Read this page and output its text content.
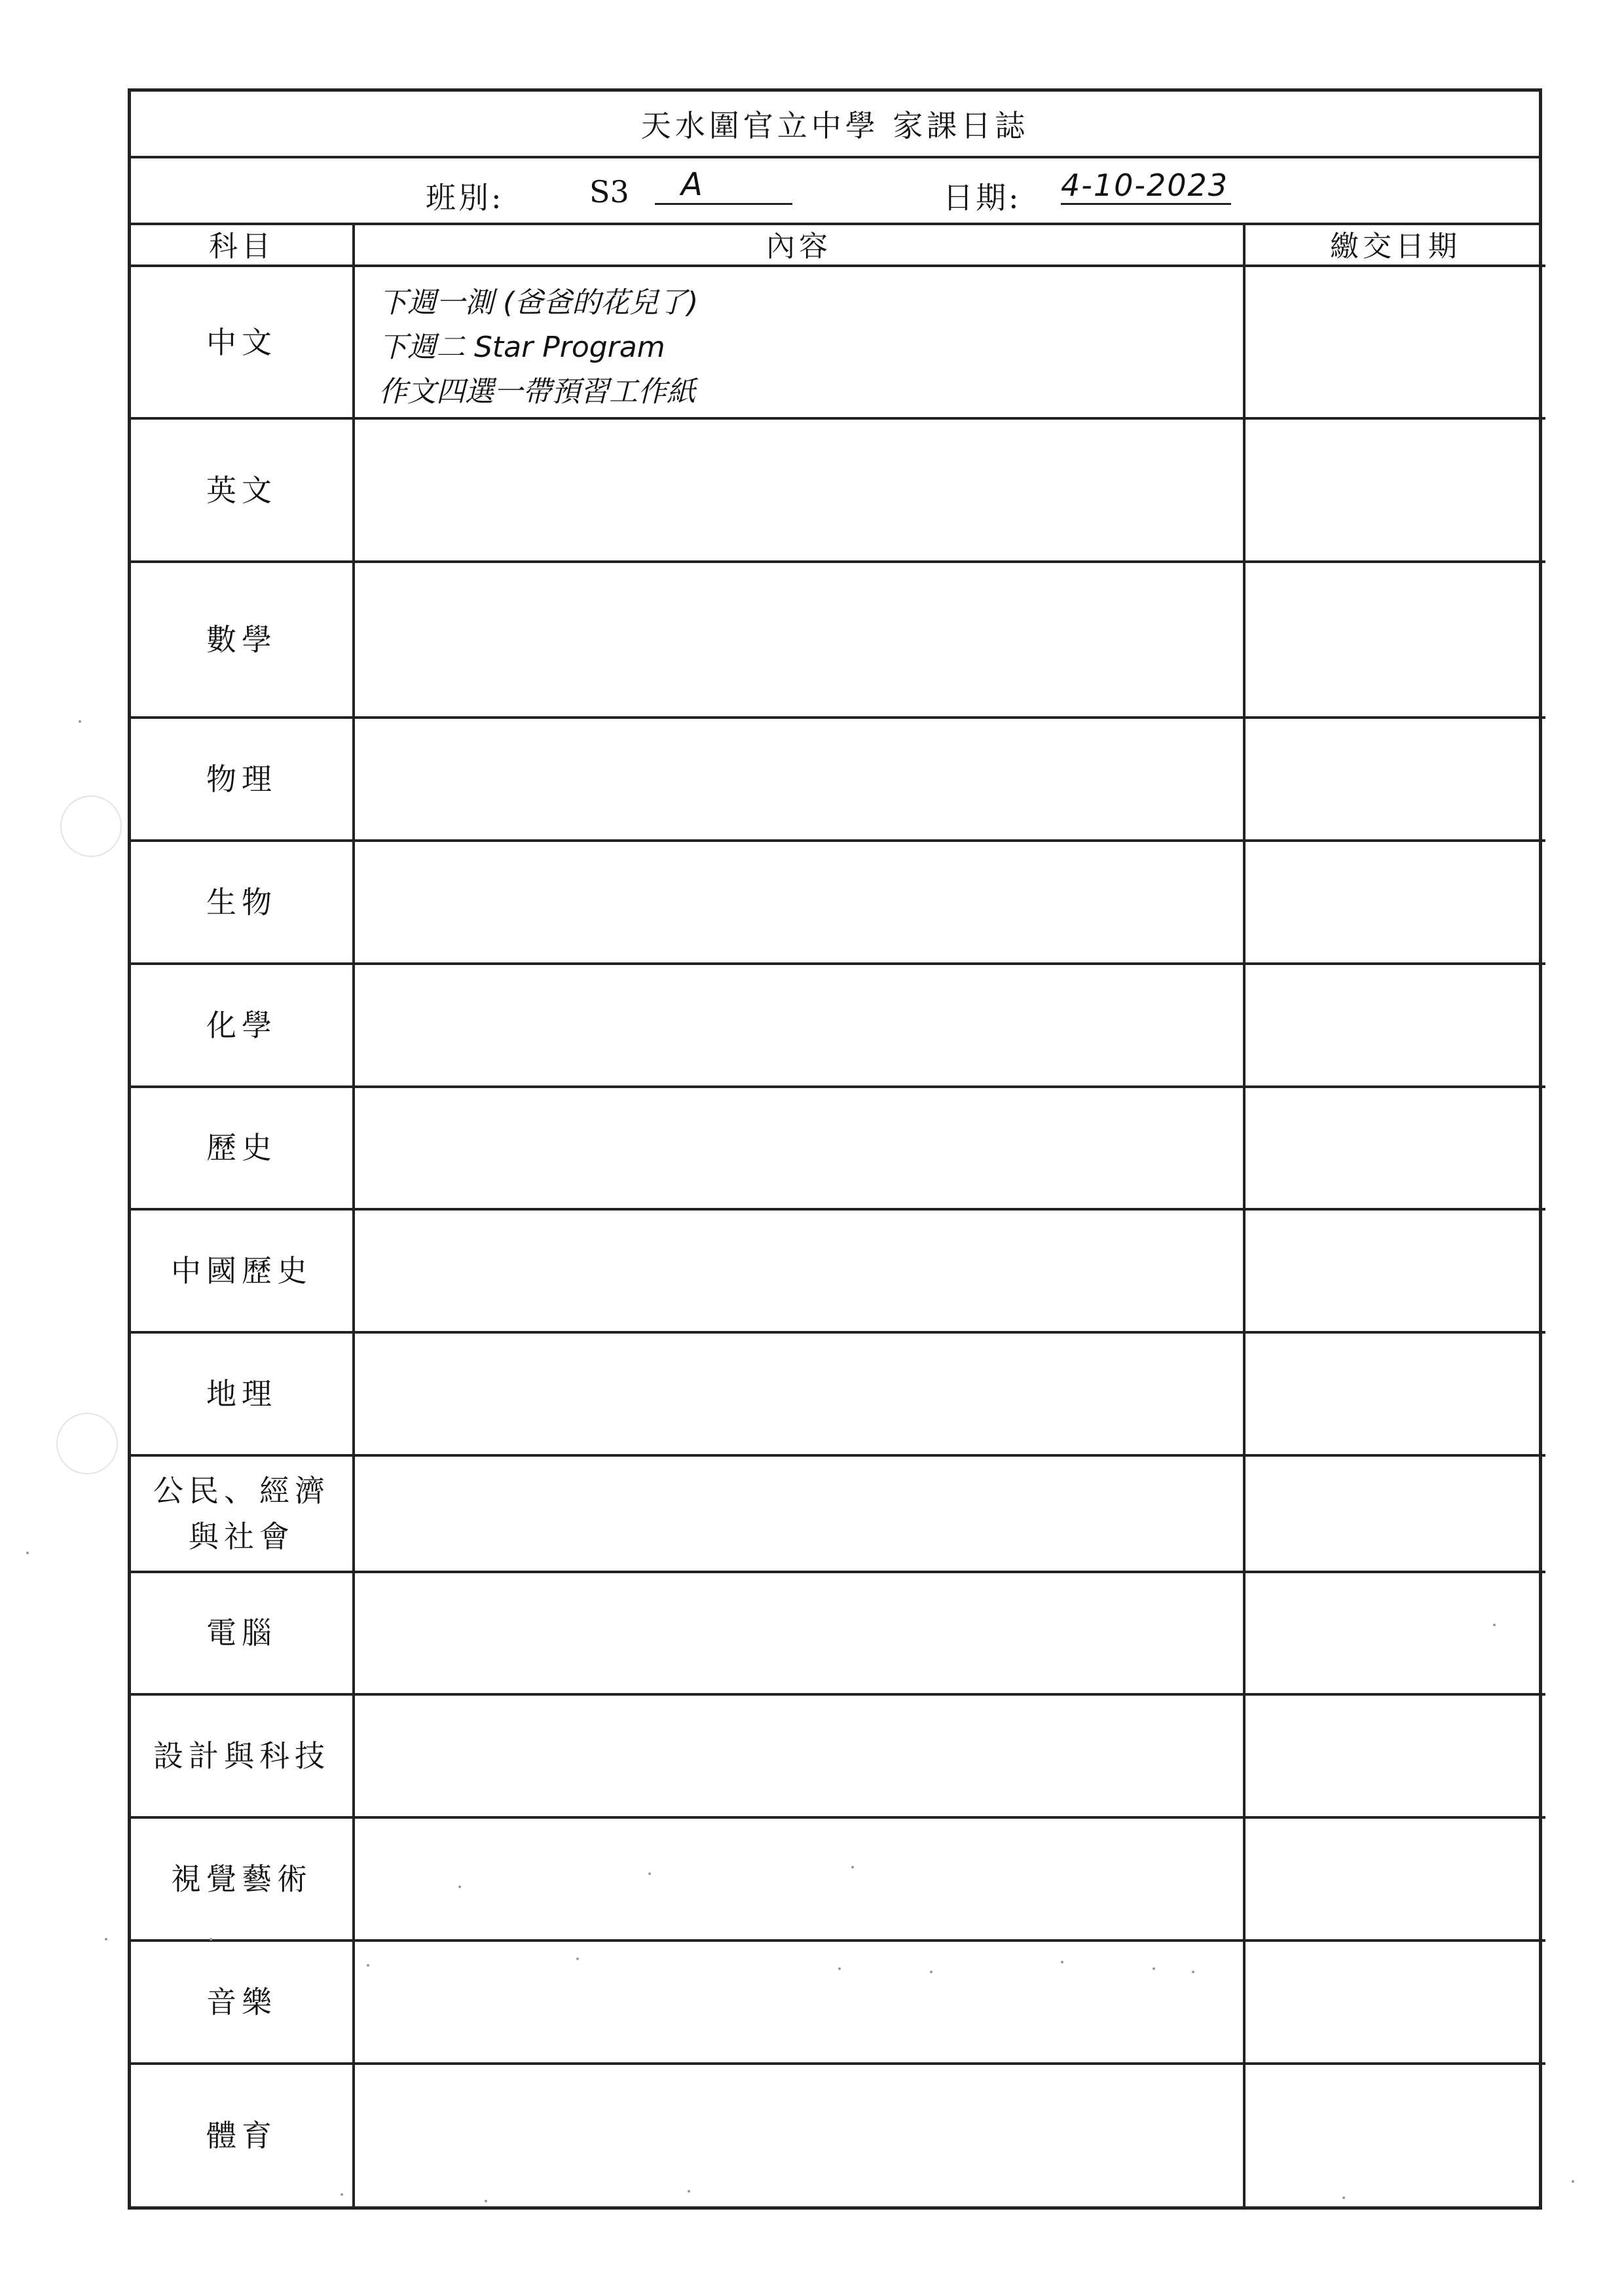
天水圍官立中學 家課日誌
班別:	S3	A	日期: 4-10-2023
科目	內容	繳交日期

中文	下週一測 (爸爸的花兒了)
下週二 Star Program
作文四選一帶預習工作紙	

英文		

數學		

物理		

生物		

化學		

歷史		

中國歷史		

地理		

公民、經濟
與社會		

電腦		

設計與科技		

視覺藝術		

音樂		

體育		
